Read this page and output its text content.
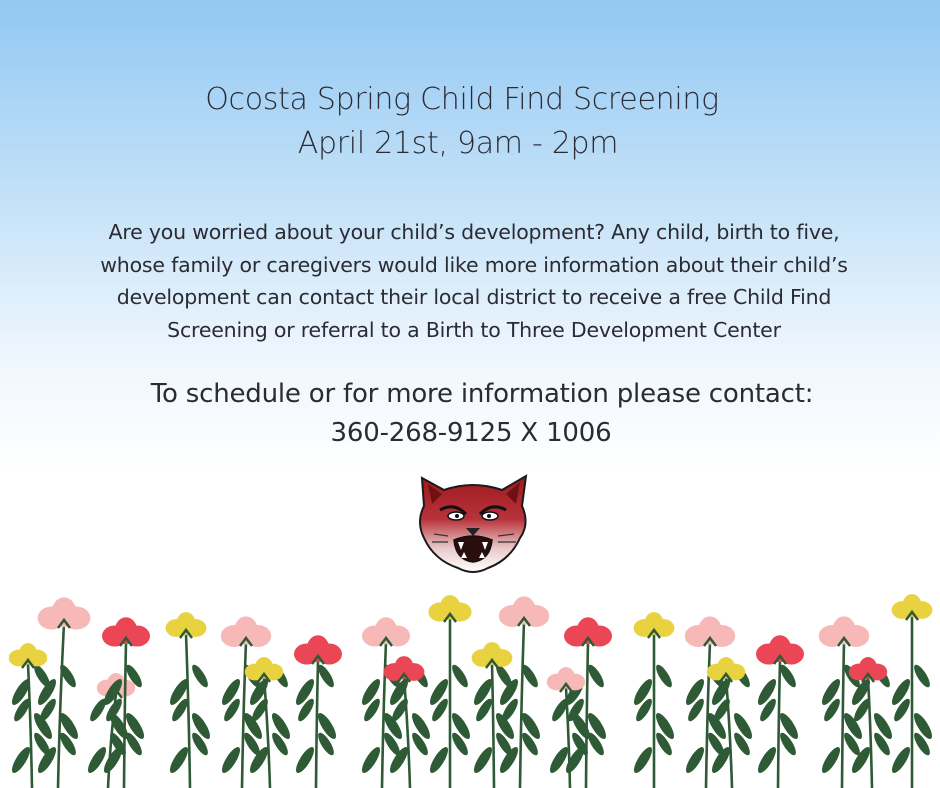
Ocosta Spring Child Find Screening
April 21st, 9am - 2pm
Are you worried about your child’s development? Any child, birth to five,
whose family or caregivers would like more information about their child’s
development can contact their local district to receive a free Child Find
Screening or referral to a Birth to Three Development Center
To schedule or for more information please contact:
360-268-9125 X 1006
